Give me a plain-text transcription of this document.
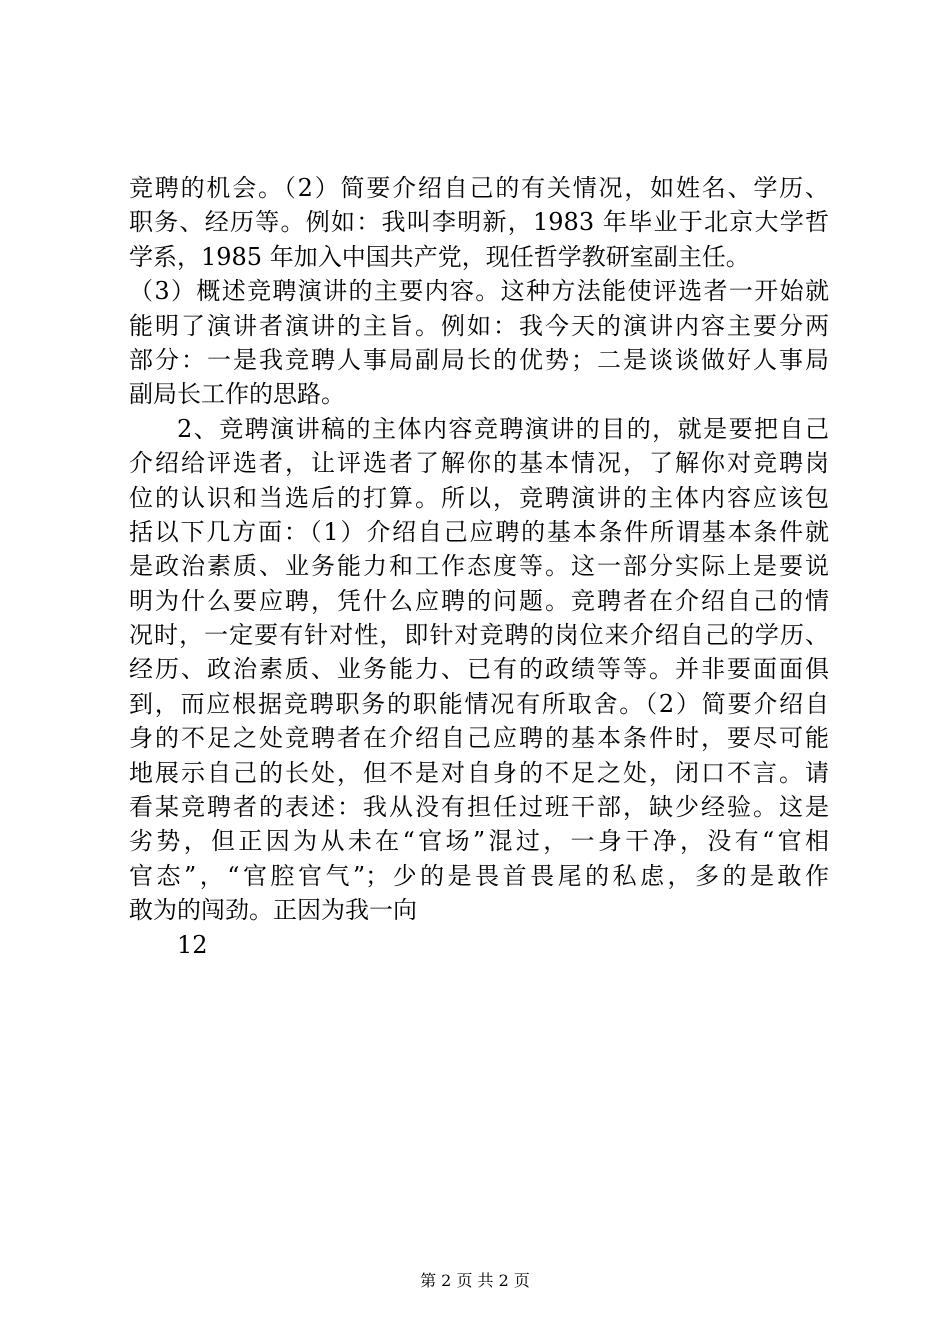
竞聘的机会。（2）简要介绍自己的有关情况，如姓名、学历、
职务、经历等。例如：我叫李明新，1983 年毕业于北京大学哲
学系，1985 年加入中国共产党，现任哲学教研室副主任。
（3）概述竞聘演讲的主要内容。这种方法能使评选者一开始就
能明了演讲者演讲的主旨。例如：我今天的演讲内容主要分两
部分：一是我竞聘人事局副局长的优势；二是谈谈做好人事局
副局长工作的思路。
2、竞聘演讲稿的主体内容竞聘演讲的目的，就是要把自己
介绍给评选者，让评选者了解你的基本情况，了解你对竞聘岗
位的认识和当选后的打算。所以，竞聘演讲的主体内容应该包
括以下几方面：（1）介绍自己应聘的基本条件所谓基本条件就
是政治素质、业务能力和工作态度等。这一部分实际上是要说
明为什么要应聘，凭什么应聘的问题。竞聘者在介绍自己的情
况时，一定要有针对性，即针对竞聘的岗位来介绍自己的学历、
经历、政治素质、业务能力、已有的政绩等等。并非要面面俱
到，而应根据竞聘职务的职能情况有所取舍。（2）简要介绍自
身的不足之处竞聘者在介绍自己应聘的基本条件时，要尽可能
地展示自己的长处，但不是对自身的不足之处，闭口不言。请
看某竞聘者的表述：我从没有担任过班干部，缺少经验。这是
劣势，但正因为从未在“官场”混过，一身干净，没有“官相
官态”，“官腔官气”；少的是畏首畏尾的私虑，多的是敢作
敢为的闯劲。正因为我一向
12
第 2 页 共 2 页
